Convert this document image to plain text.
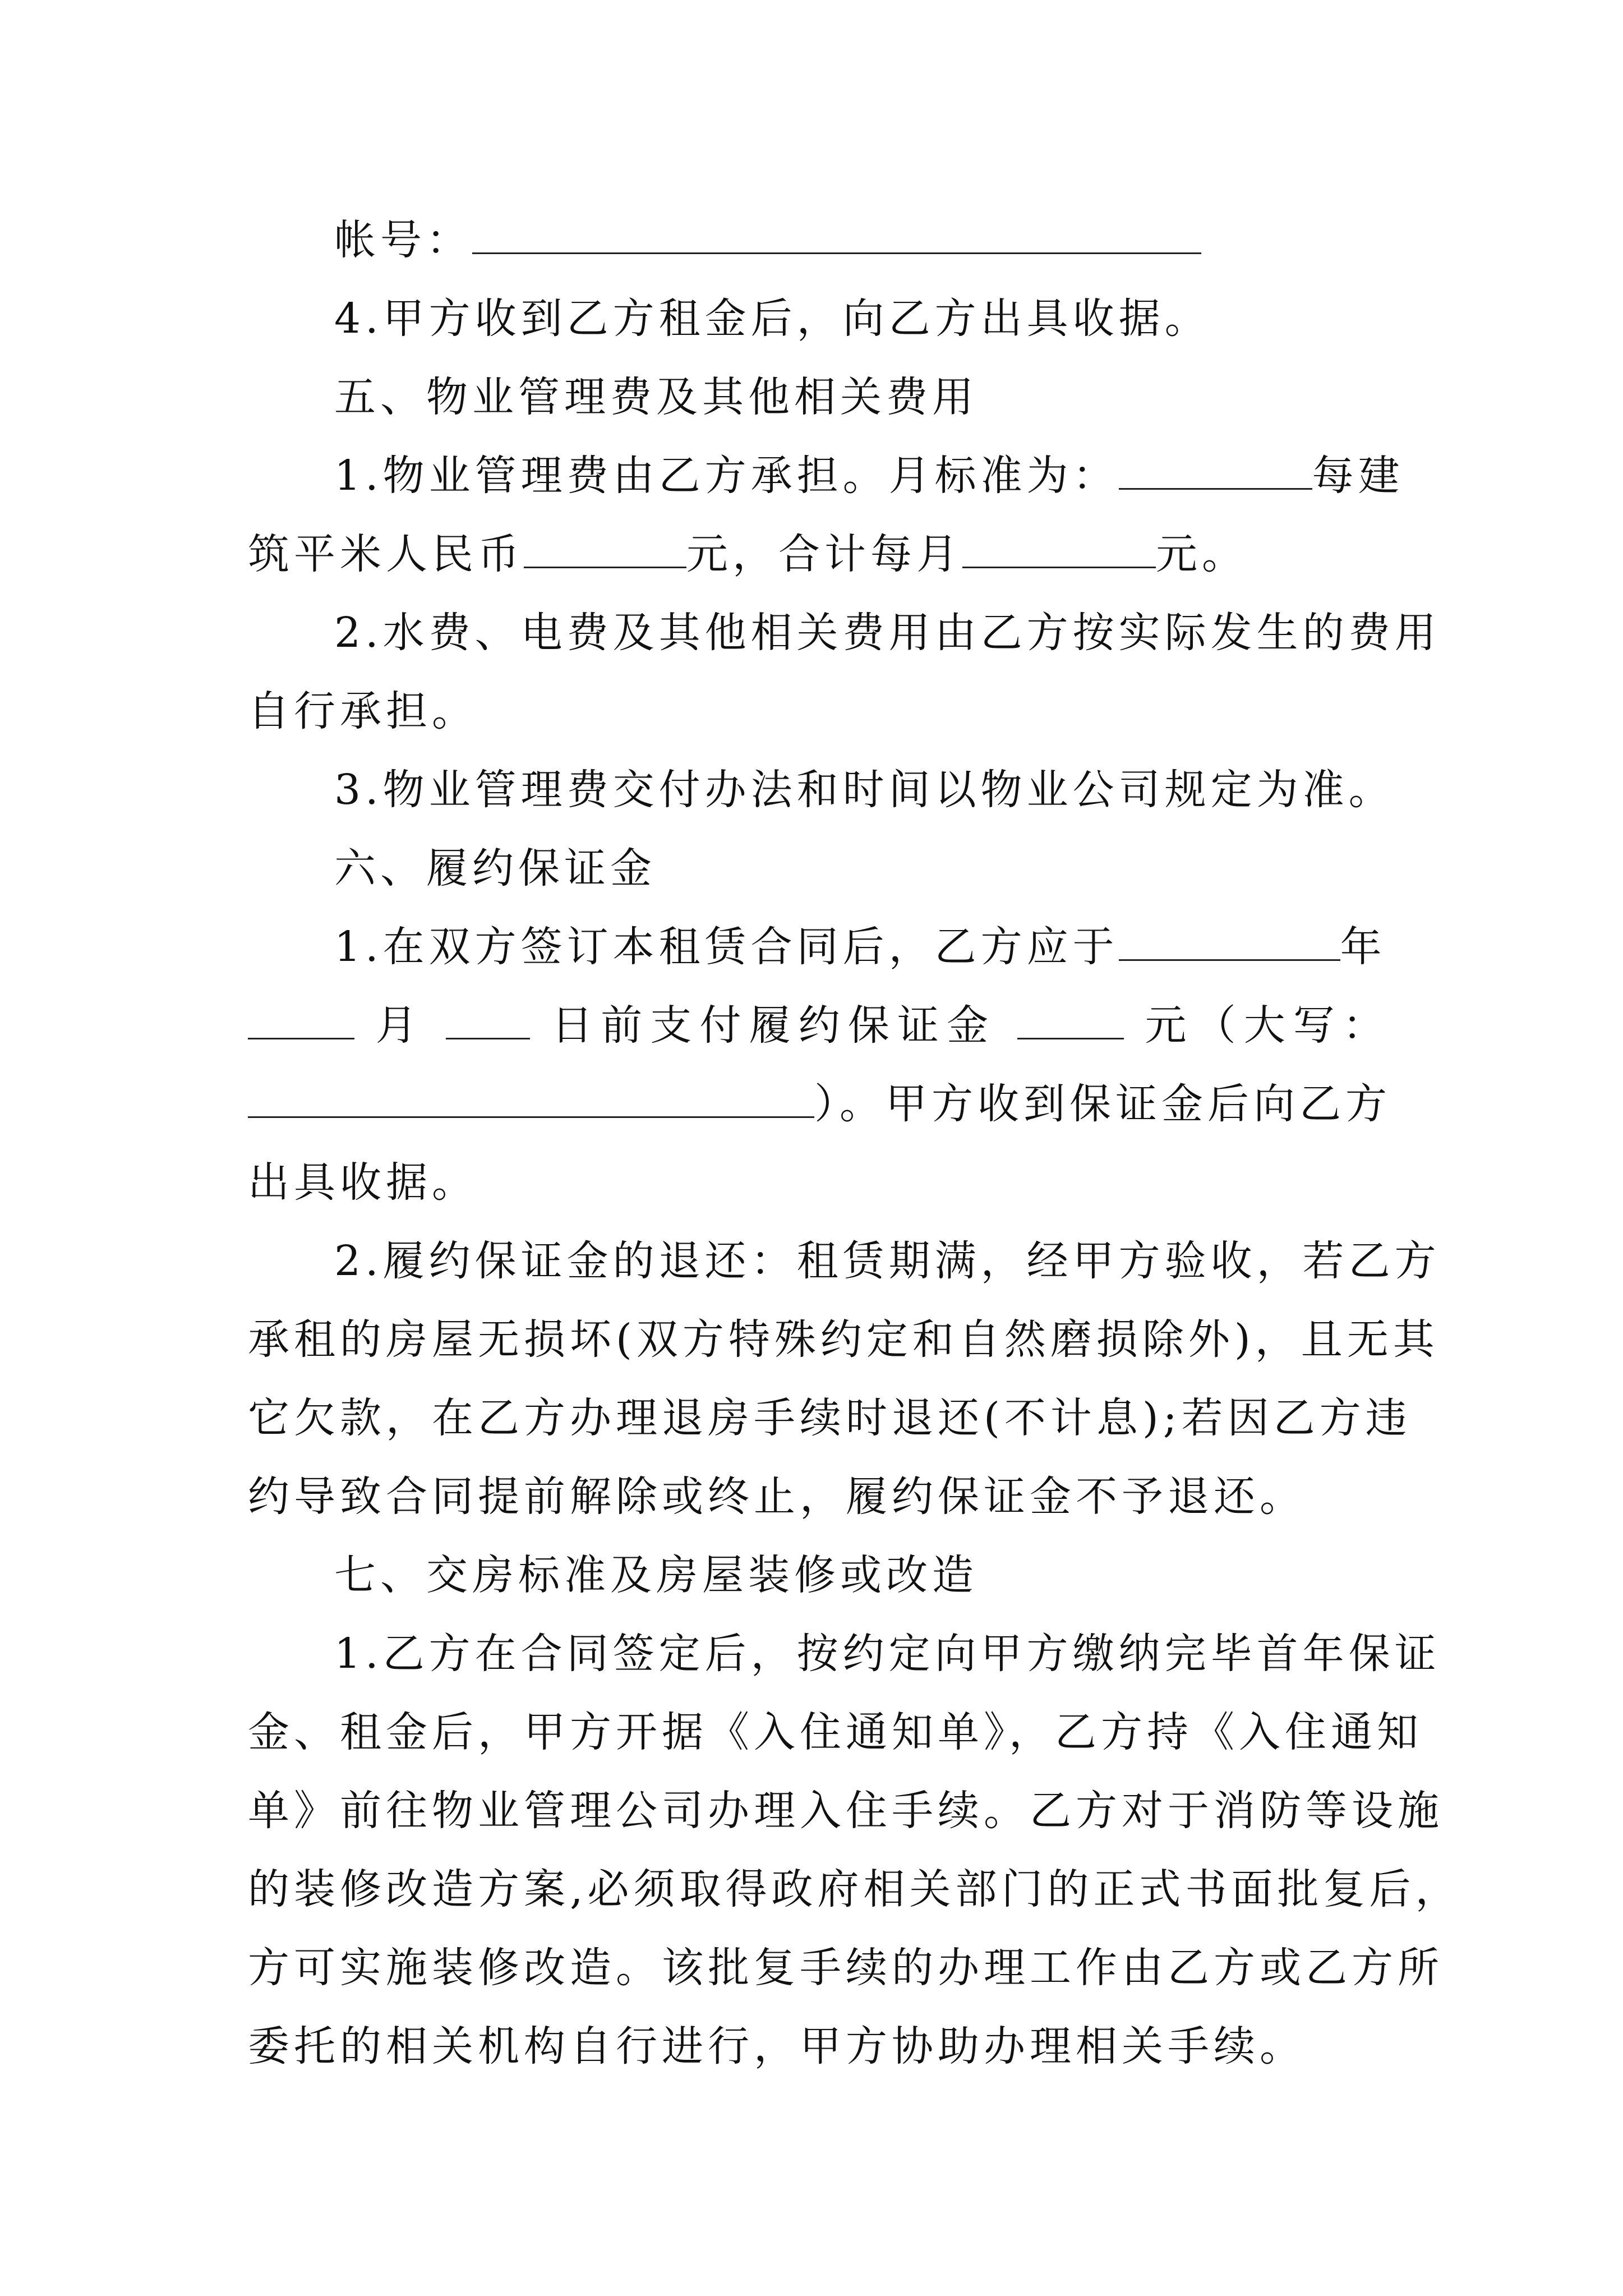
帐号：
4.甲方收到乙方租金后，向乙方出具收据。
五、物业管理费及其他相关费用
1.物业管理费由乙方承担。月标准为：	每建
筑平米人民币	元，合计每月	元。
2.水费、电费及其他相关费用由乙方按实际发生的费用
自行承担。
3.物业管理费交付办法和时间以物业公司规定为准。
六、履约保证金
1.在双方签订本租赁合同后，乙方应于	年
月	日前支付履约保证金	元（大写：
）。甲方收到保证金后向乙方
出具收据。
2.履约保证金的退还：租赁期满，经甲方验收，若乙方
承租的房屋无损坏(双方特殊约定和自然磨损除外)，且无其
它欠款，在乙方办理退房手续时退还(不计息);若因乙方违
约导致合同提前解除或终止，履约保证金不予退还。
七、交房标准及房屋装修或改造
1.乙方在合同签定后，按约定向甲方缴纳完毕首年保证
金、租金后，甲方开据《入住通知单》，乙方持《入住通知
单》前往物业管理公司办理入住手续。乙方对于消防等设施
的装修改造方案,必须取得政府相关部门的正式书面批复后，
方可实施装修改造。该批复手续的办理工作由乙方或乙方所
委托的相关机构自行进行，甲方协助办理相关手续。
